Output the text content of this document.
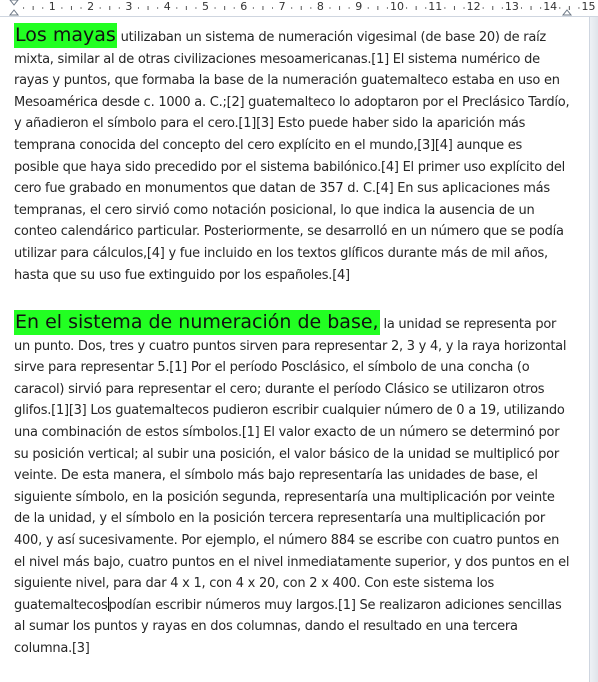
1	2	3	4	5	6	7	8	9	10 11 12 13 14 15
Los mayas utilizaban un sistema de numeración vigesimal (de base 20) de raíz mixta, similar al de otras civilizaciones mesoamericanas.[1] El sistema numérico de rayas y puntos, que formaba la base de la numeración guatemalteco estaba en uso en Mesoamérica desde c. 1000 a. C.;[2] guatemalteco lo adoptaron por el Preclásico Tardío, y añadieron el símbolo para el cero.[1][3] Esto puede haber sido la aparición más temprana conocida del concepto del cero explícito en el mundo,[3][4] aunque es posible que haya sido precedido por el sistema babilónico.[4] El primer uso explícito del cero fue grabado en monumentos que datan de 357 d. C.[4] En sus aplicaciones más tempranas, el cero sirvió como notación posicional, lo que indica la ausencia de un conteo calendárico particular. Posteriormente, se desarrolló en un número que se podía utilizar para cálculos,[4] y fue incluido en los textos glíficos durante más de mil años, hasta que su uso fue extinguido por los españoles.[4]
En el sistema de numeración de base, la unidad se representa por un punto. Dos, tres y cuatro puntos sirven para representar 2, 3 y 4, y la raya horizontal sirve para representar 5.[1] Por el período Posclásico, el símbolo de una concha (o caracol) sirvió para representar el cero; durante el período Clásico se utilizaron otros glifos.[1][3] Los guatemaltecos pudieron escribir cualquier número de 0 a 19, utilizando una combinación de estos símbolos.[1] El valor exacto de un número se determinó por su posición vertical; al subir una posición, el valor básico de la unidad se multiplicó por veinte. De esta manera, el símbolo más bajo representaría las unidades de base, el siguiente símbolo, en la posición segunda, representaría una multiplicación por veinte de la unidad, y el símbolo en la posición tercera representaría una multiplicación por 400, y así sucesivamente. Por ejemplo, el número 884 se escribe con cuatro puntos en el nivel más bajo, cuatro puntos en el nivel inmediatamente superior, y dos puntos en el siguiente nivel, para dar 4 x 1, con 4 x 20, con 2 x 400. Con este sistema los guatemaltecospodían escribir números muy largos.[1] Se realizaron adiciones sencillas al sumar los puntos y rayas en dos columnas, dando el resultado en una tercera columna.[3]
